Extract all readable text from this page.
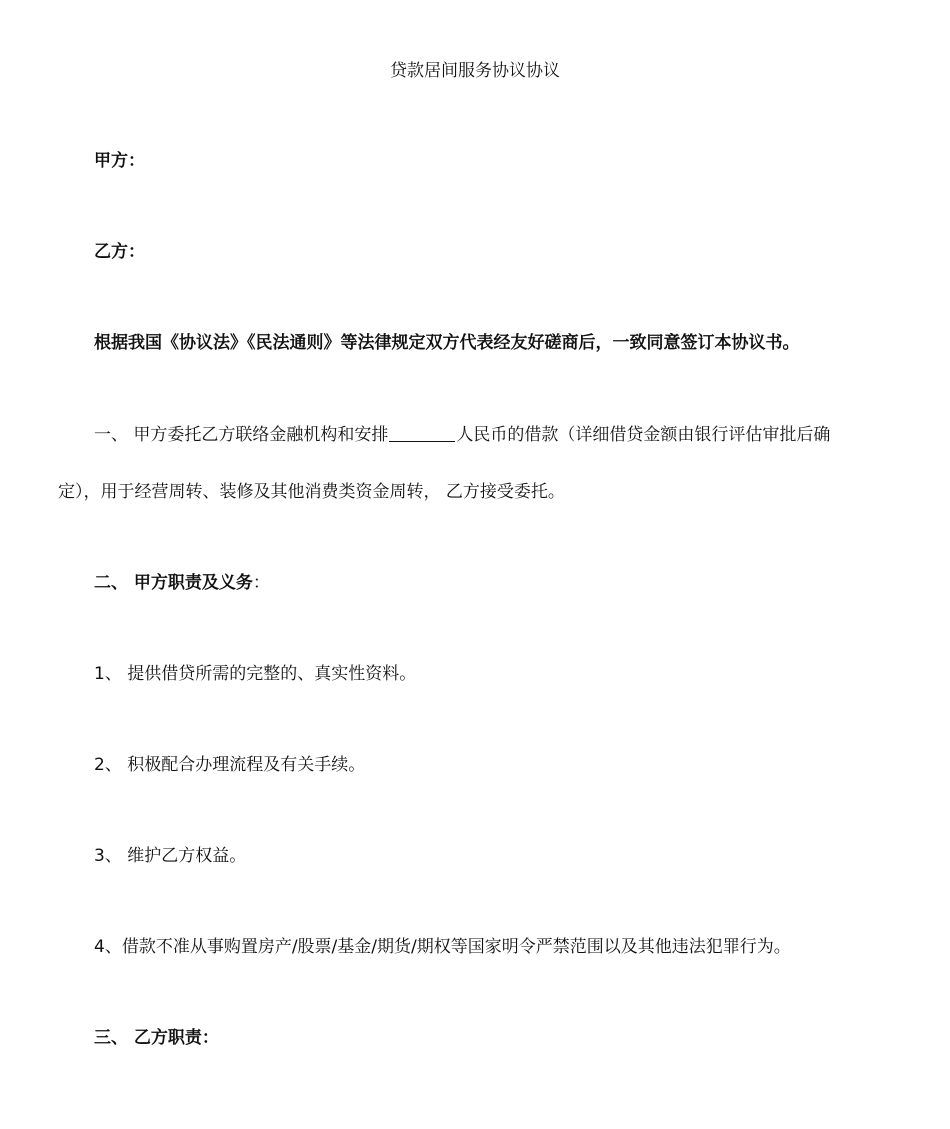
贷款居间服务协议协议
甲方：
乙方：
根据我国《协议法》《民法通则》等法律规定双方代表经友好磋商后，一致同意签订本协议书。
一、 甲方委托乙方联络金融机构和安排	人民币的借款（详细借贷金额由银行评估审批后确
定），用于经营周转、装修及其他消费类资金周转， 乙方接受委托。
二、 甲方职责及义务：
1、 提供借贷所需的完整的、真实性资料。
2、 积极配合办理流程及有关手续。
3、 维护乙方权益。
4、借款不准从事购置房产/股票/基金/期货/期权等国家明令严禁范围以及其他违法犯罪行为。
三、 乙方职责：
